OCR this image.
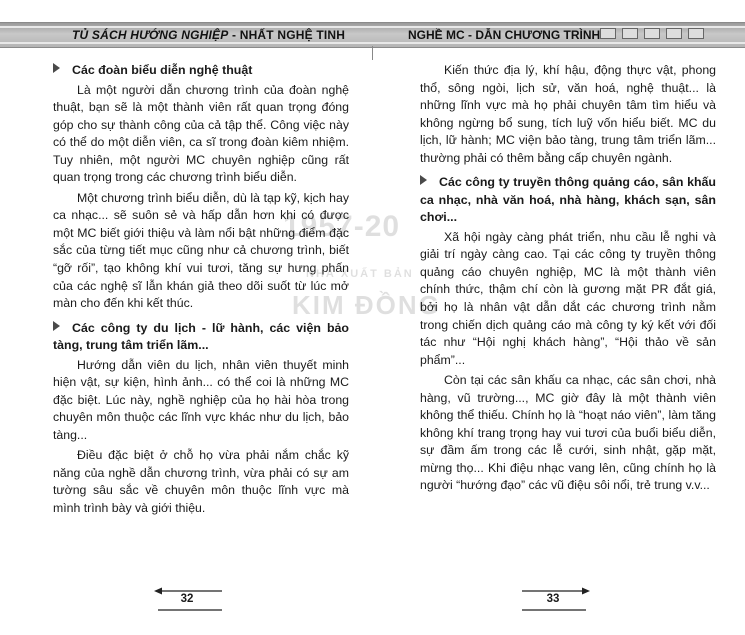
TỦ SÁCH HƯỚNG NGHIỆP - NHẤT NGHỆ TINH	NGHỀ MC - DẪN CHƯƠNG TRÌNH
1957-20
NHÀ XUẤT BẢN
KIM ĐỒNG
Các đoàn biểu diễn nghệ thuật

Là một người dẫn chương trình của đoàn nghệ thuật, bạn sẽ là một thành viên rất quan trọng đóng góp cho sự thành công của cả tập thể. Công việc này có thể do một diễn viên, ca sĩ trong đoàn kiêm nhiệm. Tuy nhiên, một người MC chuyên nghiệp cũng rất quan trọng trong các chương trình biểu diễn.

Một chương trình biểu diễn, dù là tạp kỹ, kịch hay ca nhạc... sẽ suôn sẻ và hấp dẫn hơn khi có được một MC biết giới thiệu và làm nổi bật những điểm đặc sắc của từng tiết mục cũng như cả chương trình, biết “gỡ rối”, tạo không khí vui tươi, tăng sự hưng phấn của các nghệ sĩ lẫn khán giả theo dõi suốt từ lúc mở màn cho đến khi kết thúc.

Các công ty du lịch - lữ hành, các viện bảo tàng, trung tâm triển lãm...

Hướng dẫn viên du lịch, nhân viên thuyết minh hiện vật, sự kiện, hình ảnh... có thể coi là những MC đặc biệt. Lúc này, nghề nghiệp của họ hài hòa trong chuyên môn thuộc các lĩnh vực khác như du lịch, bảo tàng...

Điều đặc biệt ở chỗ họ vừa phải nắm chắc kỹ năng của nghề dẫn chương trình, vừa phải có sự am tường sâu sắc về chuyên môn thuộc lĩnh vực mà mình trình bày và giới thiệu.

Kiến thức địa lý, khí hậu, động thực vật, phong thổ, sông ngòi, lịch sử, văn hoá, nghệ thuật... là những lĩnh vực mà họ phải chuyên tâm tìm hiểu và không ngừng bổ sung, tích luỹ vốn hiểu biết. MC du lịch, lữ hành; MC viện bảo tàng, trung tâm triển lãm... thường phải có thêm bằng cấp chuyên ngành.

Các công ty truyền thông quảng cáo, sân khấu ca nhạc, nhà văn hoá, nhà hàng, khách sạn, sân chơi...

Xã hội ngày càng phát triển, nhu cầu lễ nghi và giải trí ngày càng cao. Tại các công ty truyền thông quảng cáo chuyên nghiệp, MC là một thành viên chính thức, thậm chí còn là gương mặt PR đắt giá, bởi họ là nhân vật dẫn dắt các chương trình nằm trong chiến dịch quảng cáo mà công ty ký kết với đối tác như “Hội nghị khách hàng”, “Hội thảo về sản phẩm”...

Còn tại các sân khấu ca nhạc, các sân chơi, nhà hàng, vũ trường..., MC giờ đây là một thành viên không thể thiếu. Chính họ là “hoạt náo viên”, làm tăng không khí trang trọng hay vui tươi của buổi biểu diễn, sự đầm ấm trong các lễ cưới, sinh nhật, gặp mặt, mừng thọ... Khi điệu nhạc vang lên, cũng chính họ là người “hướng đạo” các vũ điệu sôi nổi, trẻ trung v.v...

32	33
